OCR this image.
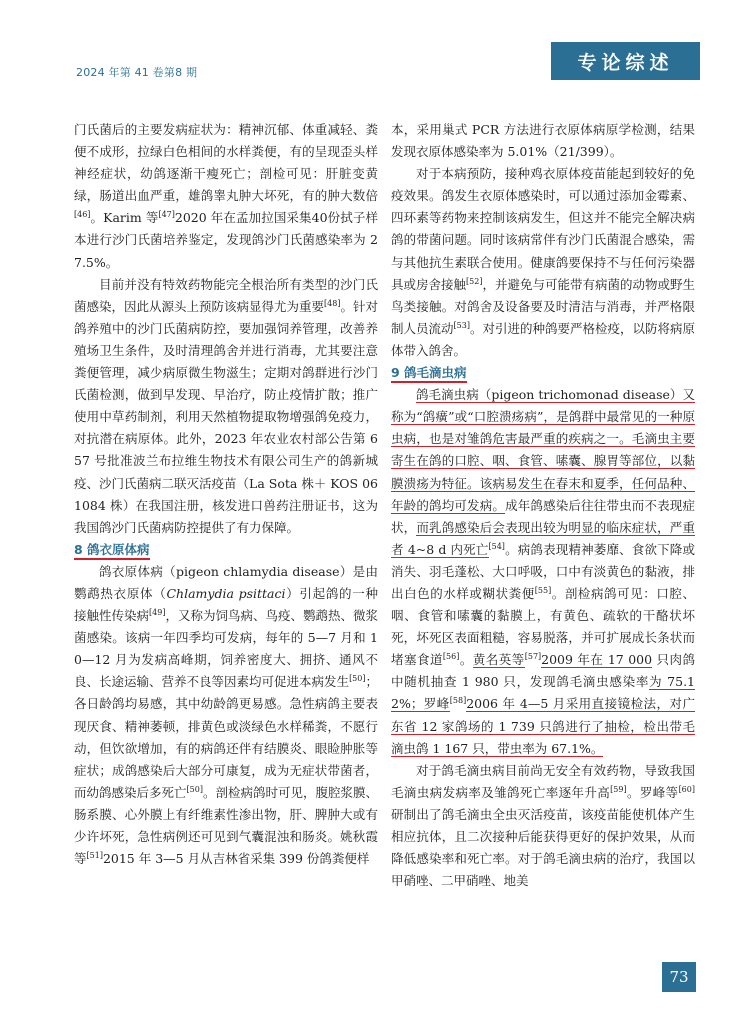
2024 年第 41 卷第8 期	专论综述

门氏菌后的主要发病症状为：精神沉郁、体重减轻、粪便不成形，拉绿白色相间的水样粪便，有的呈现歪头样神经症状，幼鸽逐渐干瘦死亡；剖检可见：肝脏变黄绿，肠道出血严重，雄鸽睾丸肿大坏死，有的肿大数倍[46]。Karim 等[47]2020 年在孟加拉国采集40份拭子样本进行沙门氏菌培养鉴定，发现鸽沙门氏菌感染率为 27.5%。

目前并没有特效药物能完全根治所有类型的沙门氏菌感染，因此从源头上预防该病显得尤为重要[48]。针对鸽养殖中的沙门氏菌病防控，要加强饲养管理，改善养殖场卫生条件，及时清理鸽舍并进行消毒，尤其要注意粪便管理，减少病原微生物滋生；定期对鸽群进行沙门氏菌检测，做到早发现、早治疗，防止疫情扩散；推广使用中草药制剂，利用天然植物提取物增强鸽免疫力，对抗潜在病原体。此外，2023 年农业农村部公告第 657 号批准波兰布拉维生物技术有限公司生产的鸽新城疫、沙门氏菌病二联灭活疫苗（La Sota 株＋ KOS 061084 株）在我国注册，核发进口兽药注册证书，这为我国鸽沙门氏菌病防控提供了有力保障。

8 鸽衣原体病

鸽衣原体病（pigeon chlamydia disease）是由鹦鹉热衣原体（Chlamydia psittaci）引起鸽的一种接触性传染病[49]，又称为饲鸟病、鸟疫、鹦鹉热、微浆菌感染。该病一年四季均可发病，每年的 5—7 月和 10—12 月为发病高峰期，饲养密度大、拥挤、通风不良、长途运输、营养不良等因素均可促进本病发生[50]；各日龄鸽均易感，其中幼龄鸽更易感。急性病鸽主要表现厌食、精神萎顿，排黄色或淡绿色水样稀粪，不愿行动，但饮欲增加，有的病鸽还伴有结膜炎、眼睑肿胀等症状；成鸽感染后大部分可康复，成为无症状带菌者，而幼鸽感染后多死亡[50]。剖检病鸽时可见，腹腔浆膜、肠系膜、心外膜上有纤维素性渗出物，肝、脾肿大或有少许坏死，急性病例还可见到气囊混浊和肠炎。姚秋霞等[51]2015 年 3—5 月从吉林省采集 399 份鸽粪便样

本，采用巢式 PCR 方法进行衣原体病原学检测，结果发现衣原体感染率为 5.01%（21/399）。

对于本病预防，接种鸡衣原体疫苗能起到较好的免疫效果。鸽发生衣原体感染时，可以通过添加金霉素、四环素等药物来控制该病发生，但这并不能完全解决病鸽的带菌问题。同时该病常伴有沙门氏菌混合感染，需与其他抗生素联合使用。健康鸽要保持不与任何污染器具或房舍接触[52]，并避免与可能带有病菌的动物或野生鸟类接触。对鸽舍及设备要及时清洁与消毒，并严格限制人员流动[53]。对引进的种鸽要严格检疫，以防将病原体带入鸽舍。

9 鸽毛滴虫病

鸽毛滴虫病（pigeon trichomonad disease）又称为“鸽癀”或“口腔溃疡病”，是鸽群中最常见的一种原虫病，也是对雏鸽危害最严重的疾病之一。毛滴虫主要寄生在鸽的口腔、咽、食管、嗉囊、腺胃等部位，以黏膜溃疡为特征。该病易发生在春末和夏季，任何品种、年龄的鸽均可发病。成年鸽感染后往往带虫而不表现症状，而乳鸽感染后会表现出较为明显的临床症状，严重者 4~8 d 内死亡[54]。病鸽表现精神萎靡、食欲下降或消失、羽毛蓬松、大口呼吸，口中有淡黄色的黏液，排出白色的水样或糊状粪便[55]。剖检病鸽可见：口腔、咽、食管和嗉囊的黏膜上，有黄色、疏软的干酪状坏死，坏死区表面粗糙，容易脱落，并可扩展成长条状而堵塞食道[56]。黄名英等[57]2009 年在 17 000 只肉鸽中随机抽查 1 980 只，发现鸽毛滴虫感染率为 75.12%；罗峰[58]2006 年 4—5 月采用直接镜检法，对广东省 12 家鸽场的 1 739 只鸽进行了抽检，检出带毛滴虫鸽 1 167 只，带虫率为 67.1%。

对于鸽毛滴虫病目前尚无安全有效药物，导致我国毛滴虫病发病率及雏鸽死亡率逐年升高[59]。罗峰等[60]研制出了鸽毛滴虫全虫灭活疫苗，该疫苗能使机体产生相应抗体，且二次接种后能获得更好的保护效果，从而降低感染率和死亡率。对于鸽毛滴虫病的治疗，我国以甲硝唑、二甲硝唑、地美

73
